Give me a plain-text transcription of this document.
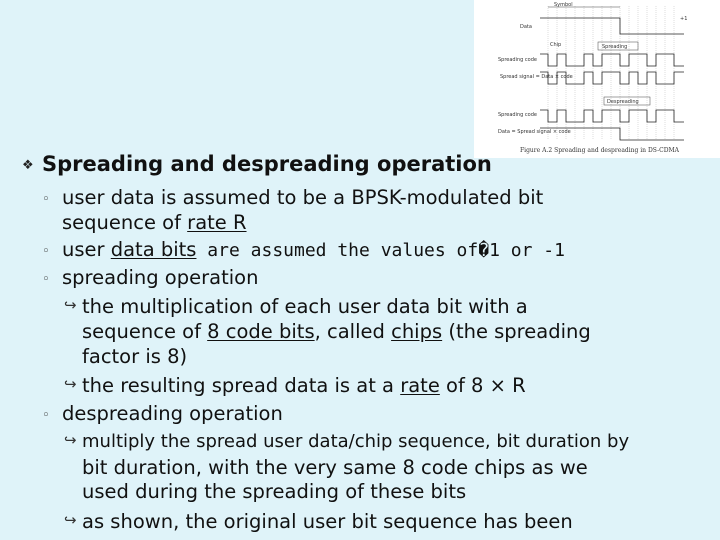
Symbol
Data
+1
Chip	Spreading
Spreading code
Spread signal = Data × code
Despreading
Spreading code
Data = Spread signal × code
Figure A.2 Spreading and despreading in DS-CDMA
❖ Spreading and despreading operation
◦ user data is assumed to be a BPSK-modulated bit
sequence of rate R
◦ user data bits are assumed the values of�1 or -1
◦ spreading operation
↪ the multiplication of each user data bit with a
sequence of 8 code bits, called chips (the spreading
factor is 8)
↪ the resulting spread data is at a rate of 8 × R
◦ despreading operation
↪ multiply the spread user data/chip sequence, bit duration by
bit duration, with the very same 8 code chips as we
used during the spreading of these bits
↪ as shown, the original user bit sequence has been
